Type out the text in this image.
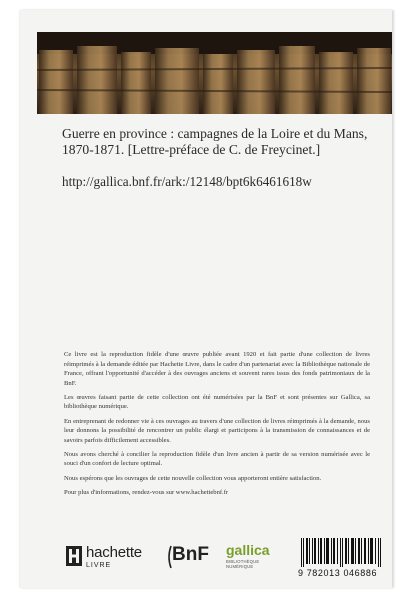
Guerre en province : campagnes de la Loire et du Mans, 1870-1871. [Lettre-préface de C. de Freycinet.]
http://gallica.bnf.fr/ark:/12148/bpt6k6461618w

Ce livre est la reproduction fidèle d'une œuvre publiée avant 1920 et fait partie d'une collection de livres réimprimés à la demande éditée par Hachette Livre, dans le cadre d'un partenariat avec la Bibliothèque nationale de France, offrant l'opportunité d'accéder à des ouvrages anciens et souvent rares issus des fonds patrimoniaux de la BnF.

Les œuvres faisant partie de cette collection ont été numérisées par la BnF et sont présentes sur Gallica, sa bibliothèque numérique.

En entreprenant de redonner vie à ces ouvrages au travers d'une collection de livres réimprimés à la demande, nous leur donnons la possibilité de rencontrer un public élargi et participons à la transmission de connaissances et de savoirs parfois difficilement accessibles.

Nous avons cherché à concilier la reproduction fidèle d'un livre ancien à partir de sa version numérisée avec le souci d'un confort de lecture optimal.

Nous espérons que les ouvrages de cette nouvelle collection vous apporteront entière satisfaction.

Pour plus d'informations, rendez-vous sur www.hachettebnf.fr

hachette
LIVRE
BnF gallica
BIBLIOTHÈQUE
NUMÉRIQUE
9 782013 046886
